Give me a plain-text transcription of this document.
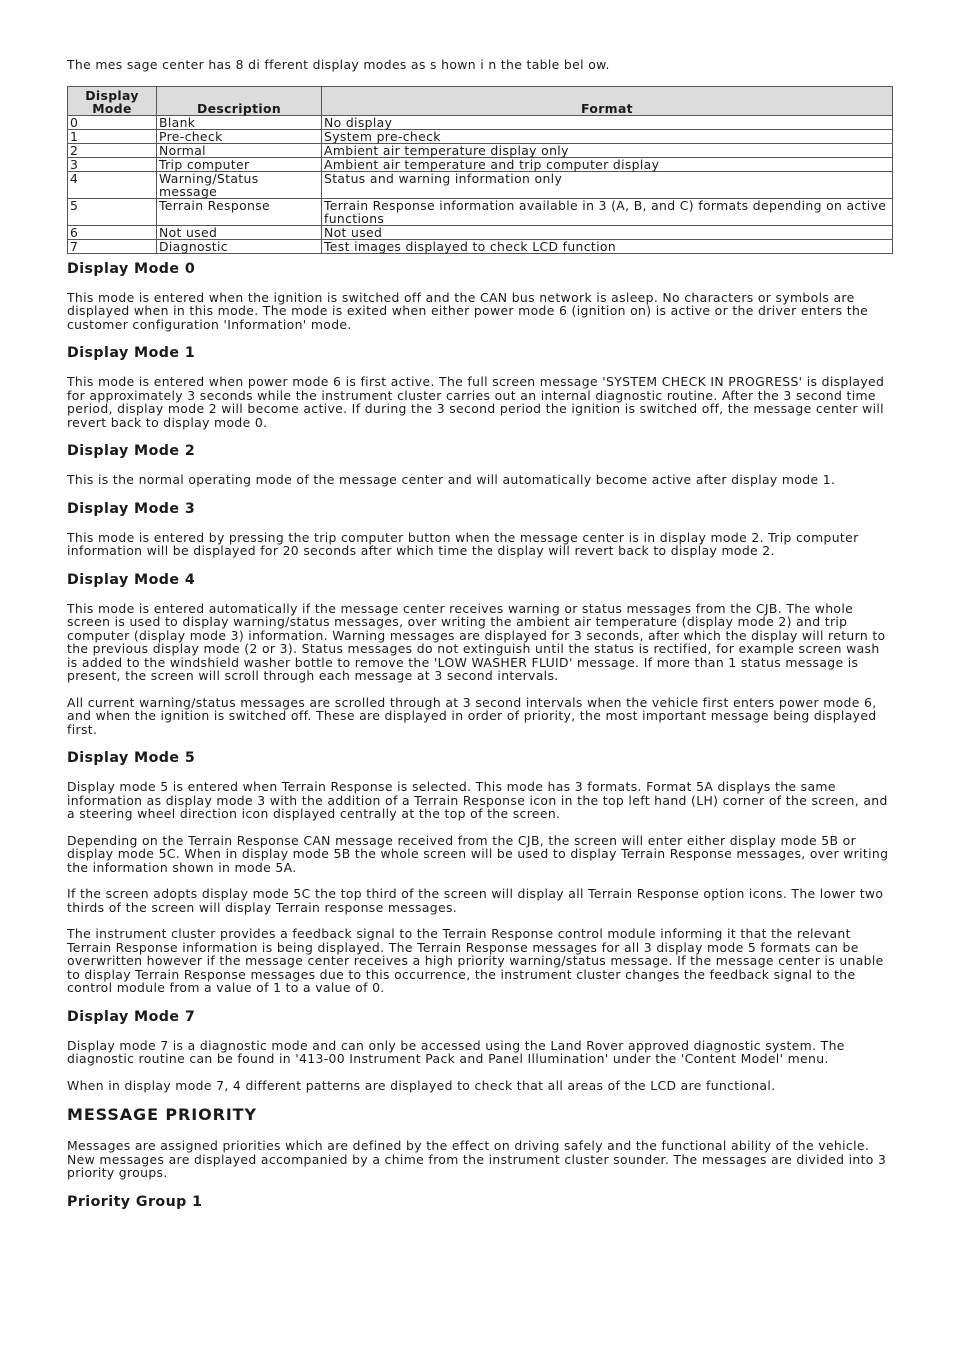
The mes sage center has 8 di fferent display modes as s hown i n the table bel ow.

Display Mode	Description	Format
0	Blank	No display
1	Pre-check	System pre-check
2	Normal	Ambient air temperature display only
3	Trip computer	Ambient air temperature and trip computer display
4	Warning/Status message	Status and warning information only
5	Terrain Response	Terrain Response information available in 3 (A, B, and C) formats depending on active functions
6	Not used	Not used
7	Diagnostic	Test images displayed to check LCD function
Display Mode 0

This mode is entered when the ignition is switched off and the CAN bus network is asleep. No characters or symbols are displayed when in this mode. The mode is exited when either power mode 6 (ignition on) is active or the driver enters the customer configuration 'Information' mode.

Display Mode 1

This mode is entered when power mode 6 is first active. The full screen message 'SYSTEM CHECK IN PROGRESS' is displayed for approximately 3 seconds while the instrument cluster carries out an internal diagnostic routine. After the 3 second time period, display mode 2 will become active. If during the 3 second period the ignition is switched off, the message center will revert back to display mode 0.

Display Mode 2

This is the normal operating mode of the message center and will automatically become active after display mode 1.

Display Mode 3

This mode is entered by pressing the trip computer button when the message center is in display mode 2. Trip computer information will be displayed for 20 seconds after which time the display will revert back to display mode 2.

Display Mode 4

This mode is entered automatically if the message center receives warning or status messages from the CJB. The whole screen is used to display warning/status messages, over writing the ambient air temperature (display mode 2) and trip computer (display mode 3) information. Warning messages are displayed for 3 seconds, after which the display will return to the previous display mode (2 or 3). Status messages do not extinguish until the status is rectified, for example screen wash is added to the windshield washer bottle to remove the 'LOW WASHER FLUID' message. If more than 1 status message is present, the screen will scroll through each message at 3 second intervals.

All current warning/status messages are scrolled through at 3 second intervals when the vehicle first enters power mode 6, and when the ignition is switched off. These are displayed in order of priority, the most important message being displayed first.

Display Mode 5

Display mode 5 is entered when Terrain Response is selected. This mode has 3 formats. Format 5A displays the same information as display mode 3 with the addition of a Terrain Response icon in the top left hand (LH) corner of the screen, and a steering wheel direction icon displayed centrally at the top of the screen.

Depending on the Terrain Response CAN message received from the CJB, the screen will enter either display mode 5B or display mode 5C. When in display mode 5B the whole screen will be used to display Terrain Response messages, over writing the information shown in mode 5A.

If the screen adopts display mode 5C the top third of the screen will display all Terrain Response option icons. The lower two thirds of the screen will display Terrain response messages.

The instrument cluster provides a feedback signal to the Terrain Response control module informing it that the relevant Terrain Response information is being displayed. The Terrain Response messages for all 3 display mode 5 formats can be overwritten however if the message center receives a high priority warning/status message. If the message center is unable to display Terrain Response messages due to this occurrence, the instrument cluster changes the feedback signal to the control module from a value of 1 to a value of 0.

Display Mode 7

Display mode 7 is a diagnostic mode and can only be accessed using the Land Rover approved diagnostic system. The diagnostic routine can be found in '413-00 Instrument Pack and Panel Illumination' under the 'Content Model' menu.

When in display mode 7, 4 different patterns are displayed to check that all areas of the LCD are functional.

MESSAGE PRIORITY

Messages are assigned priorities which are defined by the effect on driving safely and the functional ability of the vehicle. New messages are displayed accompanied by a chime from the instrument cluster sounder. The messages are divided into 3 priority groups.

Priority Group 1
